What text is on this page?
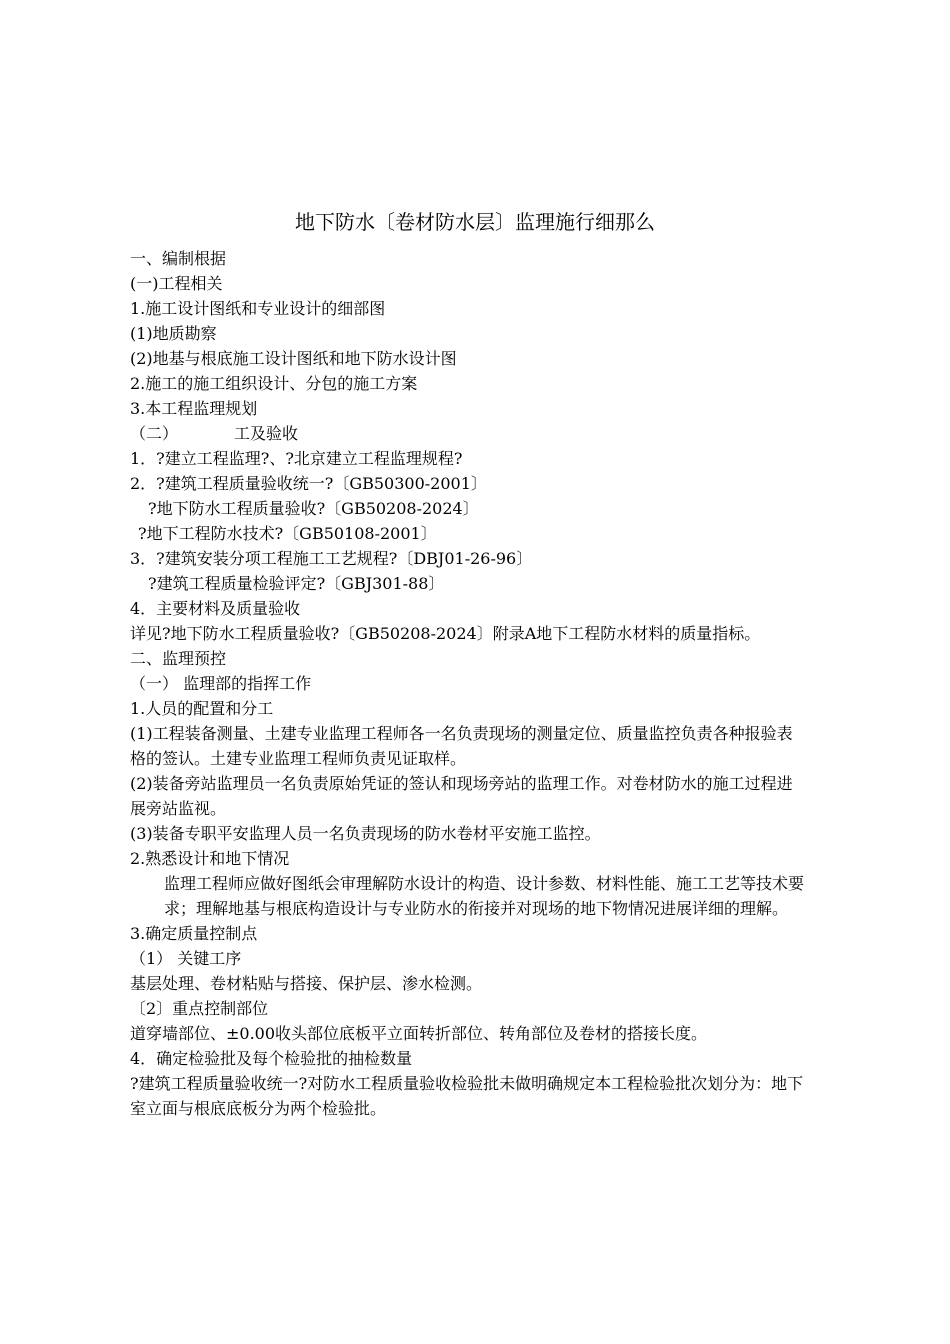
地下防水〔卷材防水层〕监理施行细那么

一、编制根据

(一)工程相关

1.施工设计图纸和专业设计的细部图

(1)地质勘察

(2)地基与根底施工设计图纸和地下防水设计图

2.施工的施工组织设计、分包的施工方案

3.本工程监理规划

（二）	工及验收

1．?建立工程监理?、?北京建立工程监理规程?

2．?建筑工程质量验收统一?〔GB50300-2001〕

?地下防水工程质量验收?〔GB50208-2024〕

?地下工程防水技术?〔GB50108-2001〕

3．?建筑安装分项工程施工工艺规程?〔DBJ01-26-96〕

?建筑工程质量检验评定?〔GBJ301-88〕

4．主要材料及质量验收

详见?地下防水工程质量验收?〔GB50208-2024〕附录A地下工程防水材料的质量指标。

二、监理预控

（一） 监理部的指挥工作

1.人员的配置和分工

(1)工程装备测量、土建专业监理工程师各一名负责现场的测量定位、质量监控负责各种报验表格的签认。土建专业监理工程师负责见证取样。

(2)装备旁站监理员一名负责原始凭证的签认和现场旁站的监理工作。对卷材防水的施工过程进展旁站监视。

(3)装备专职平安监理人员一名负责现场的防水卷材平安施工监控。

2.熟悉设计和地下情况

监理工程师应做好图纸会审理解防水设计的构造、设计参数、材料性能、施工工艺等技术要求；理解地基与根底构造设计与专业防水的衔接并对现场的地下物情况进展详细的理解。

3.确定质量控制点

（1） 关键工序

基层处理、卷材粘贴与搭接、保护层、渗水检测。

〔2〕重点控制部位

道穿墙部位、±0.00收头部位底板平立面转折部位、转角部位及卷材的搭接长度。

4．确定检验批及每个检验批的抽检数量

?建筑工程质量验收统一?对防水工程质量验收检验批未做明确规定本工程检验批次划分为：地下室立面与根底底板分为两个检验批。
